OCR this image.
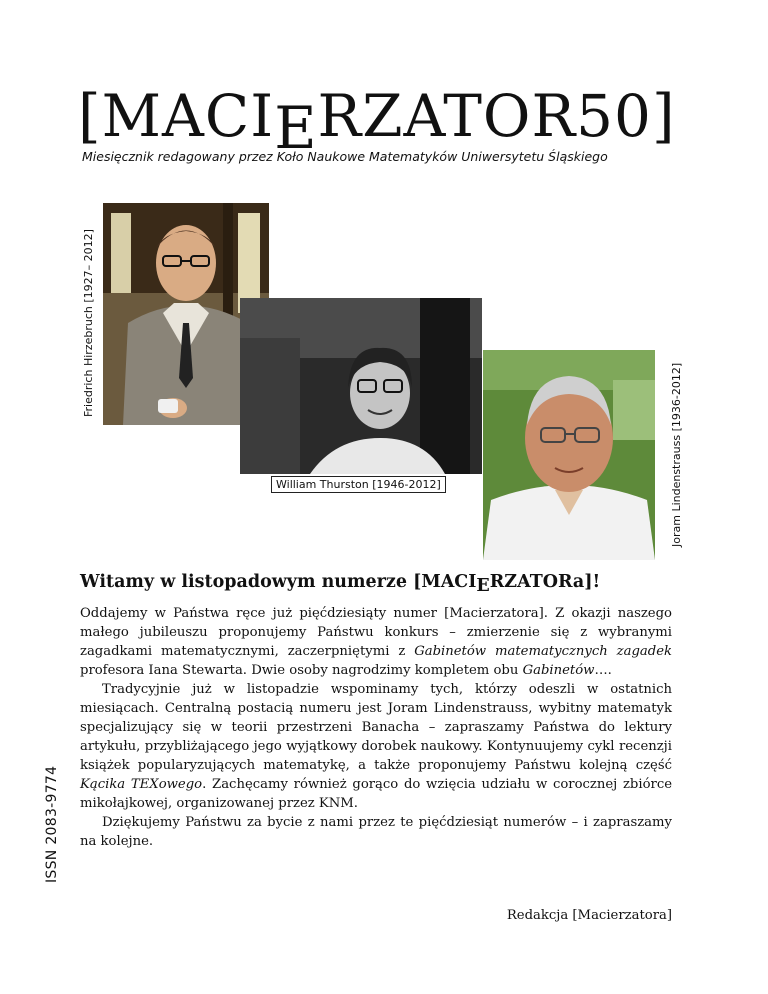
[MACIERZATOR50]
Miesięcznik redagowany przez Koło Naukowe Matematyków Uniwersytetu Śląskiego
Friedrich Hirzebruch [1927– 2012]
William Thurston [1946-2012]	Joram Lindenstrauss [1936-2012]
ISSN 2083-9774
Witamy w listopadowym numerze [MACIERZATORa]!

Oddajemy w Państwa ręce już pięćdziesiąty numer [Macierzatora]. Z okazji naszego małego jubileuszu proponujemy Państwu konkurs – zmierzenie się z wybranymi zagadkami matematycznymi, zaczerpniętymi z Gabinetów matematycznych zagadek profesora Iana Stewarta. Dwie osoby nagrodzimy kompletem obu Gabinetów….

Tradycyjnie już w listopadzie wspominamy tych, którzy odeszli w ostatnich miesiącach. Centralną postacią numeru jest Joram Lindenstrauss, wybitny matematyk specjalizujący się w teorii przestrzeni Banacha – zapraszamy Państwa do lektury artykułu, przybliżającego jego wyjątkowy dorobek naukowy. Kontynuujemy cykl recenzji książek popularyzujących matematykę, a także proponujemy Państwu kolejną część Kącika TEXowego. Zachęcamy również gorąco do wzięcia udziału w corocznej zbiórce mikołajkowej, organizowanej przez KNM.

Dziękujemy Państwu za bycie z nami przez te pięćdziesiąt numerów – i zapraszamy na kolejne.

Redakcja [Macierzatora]
